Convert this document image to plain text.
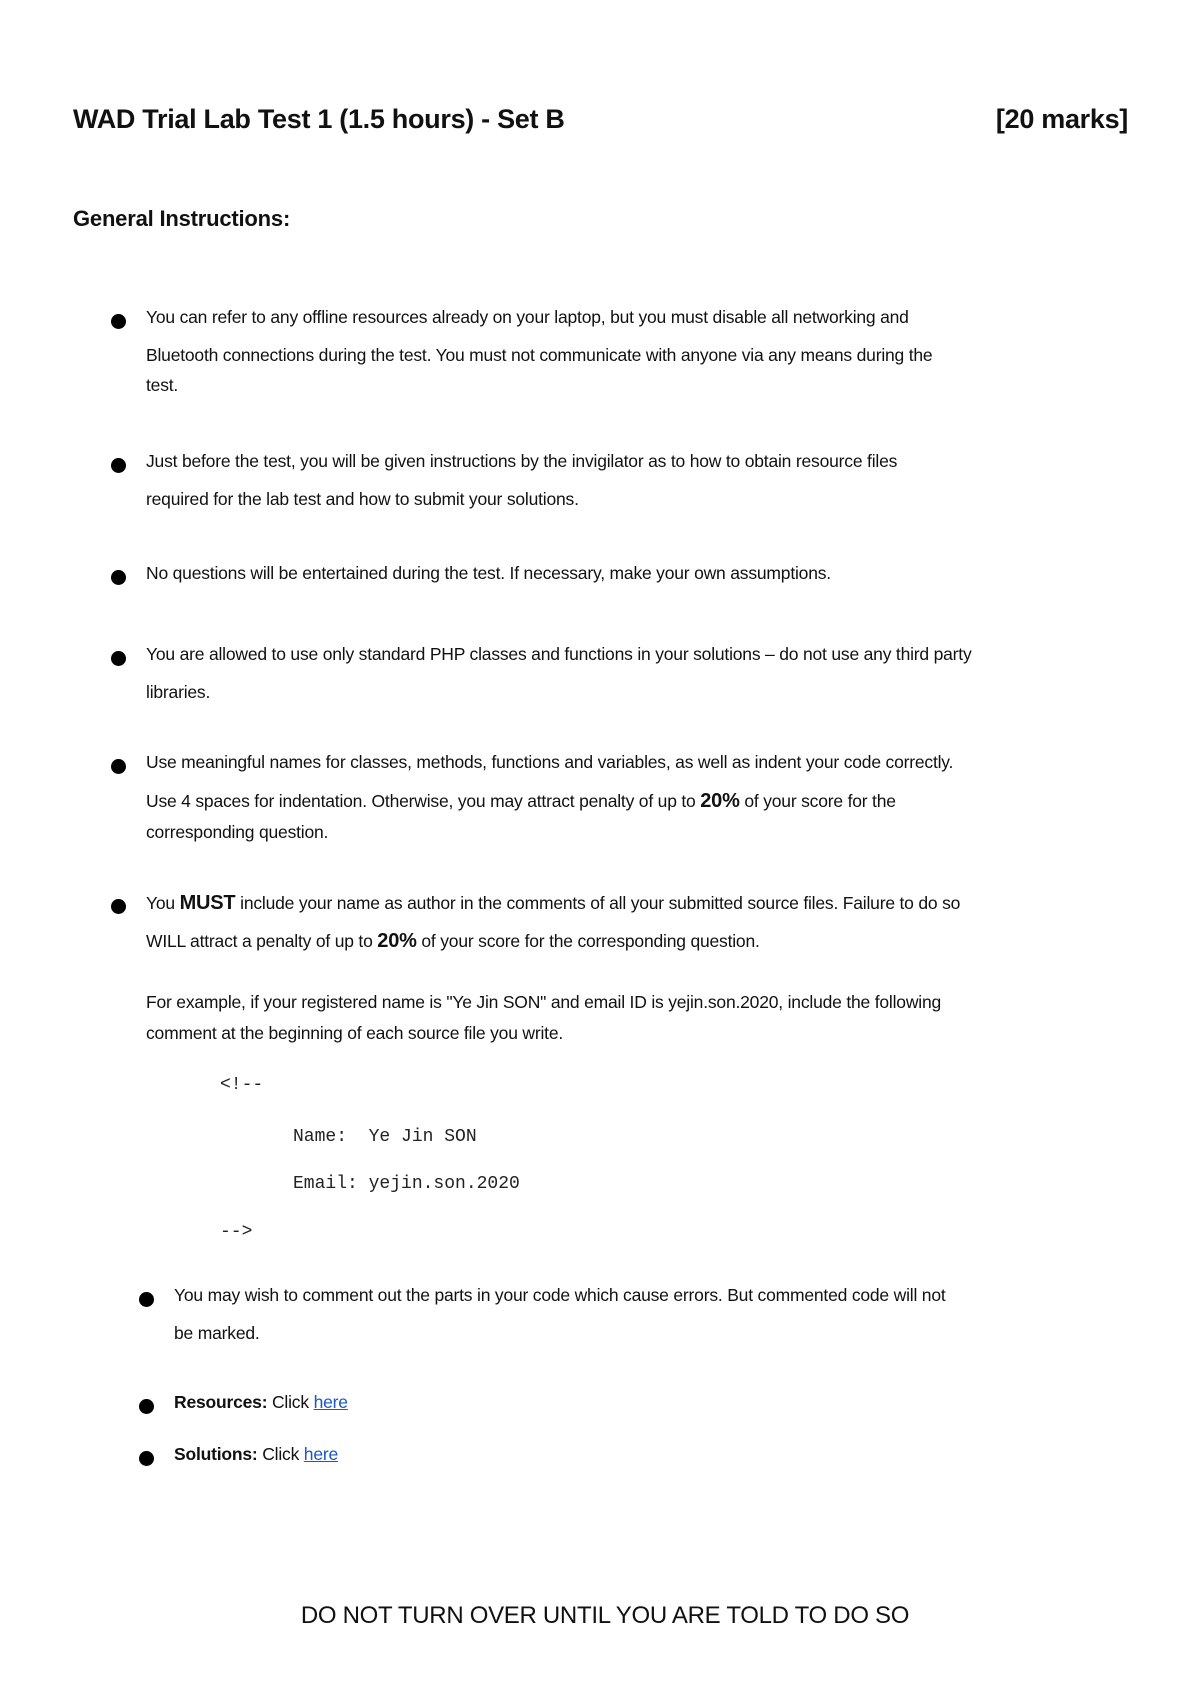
WAD Trial Lab Test 1 (1.5 hours) - Set B	[20 marks]
General Instructions:
You can refer to any offline resources already on your laptop, but you must disable all networking and
Bluetooth connections during the test. You must not communicate with anyone via any means during the
test.
Just before the test, you will be given instructions by the invigilator as to how to obtain resource files
required for the lab test and how to submit your solutions.
No questions will be entertained during the test. If necessary, make your own assumptions.
You are allowed to use only standard PHP classes and functions in your solutions – do not use any third party
libraries.
Use meaningful names for classes, methods, functions and variables, as well as indent your code correctly.
Use 4 spaces for indentation. Otherwise, you may attract penalty of up to 20% of your score for the
corresponding question.
You MUST include your name as author in the comments of all your submitted source files. Failure to do so
WILL attract a penalty of up to 20% of your score for the corresponding question.
For example, if your registered name is "Ye Jin SON" and email ID is yejin.son.2020, include the following
comment at the beginning of each source file you write.
<!--
Name:  Ye Jin SON
Email: yejin.son.2020
-->
You may wish to comment out the parts in your code which cause errors. But commented code will not
be marked.
Resources: Click here
Solutions: Click here
DO NOT TURN OVER UNTIL YOU ARE TOLD TO DO SO
